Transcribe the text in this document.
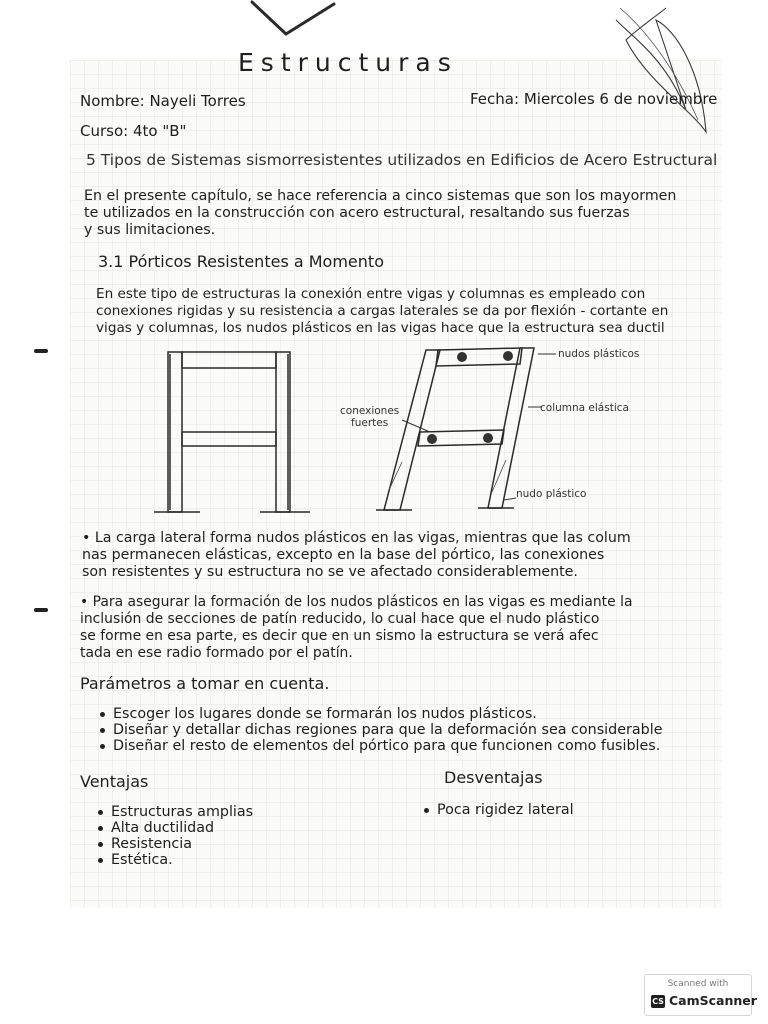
Estructuras
Nombre: Nayeli Torres	Fecha: Miercoles 6 de noviembre
Curso: 4to "B"
5 Tipos de Sistemas sismorresistentes utilizados en Edificios de Acero Estructural
En el presente capítulo, se hace referencia a cinco sistemas que son los mayormen
te utilizados en la construcción con acero estructural, resaltando sus fuerzas
y sus limitaciones.
3.1 Pórticos Resistentes a Momento
En este tipo de estructuras la conexión entre vigas y columnas es empleado con
conexiones rigidas y su resistencia a cargas laterales se da por flexión - cortante en
vigas y columnas, los nudos plásticos en las vigas hace que la estructura sea ductil
nudos plásticos
columna elástica
conexiones
fuertes
nudo plástico
• La carga lateral forma nudos plásticos en las vigas, mientras que las colum
nas permanecen elásticas, excepto en la base del pórtico, las conexiones
son resistentes y su estructura no se ve afectado considerablemente.
• Para asegurar la formación de los nudos plásticos en las vigas es mediante la
inclusión de secciones de patín reducido, lo cual hace que el nudo plástico
se forme en esa parte, es decir que en un sismo la estructura se verá afec
tada en ese radio formado por el patín.
Parámetros a tomar en cuenta.
Escoger los lugares donde se formarán los nudos plásticos.
Diseñar y detallar dichas regiones para que la deformación sea considerable
Diseñar el resto de elementos del pórtico para que funcionen como fusibles.
Ventajas
Estructuras amplias
Alta ductilidad
Resistencia
Estética.
Desventajas
Poca rigidez lateral
Scanned with
CS CamScanner
